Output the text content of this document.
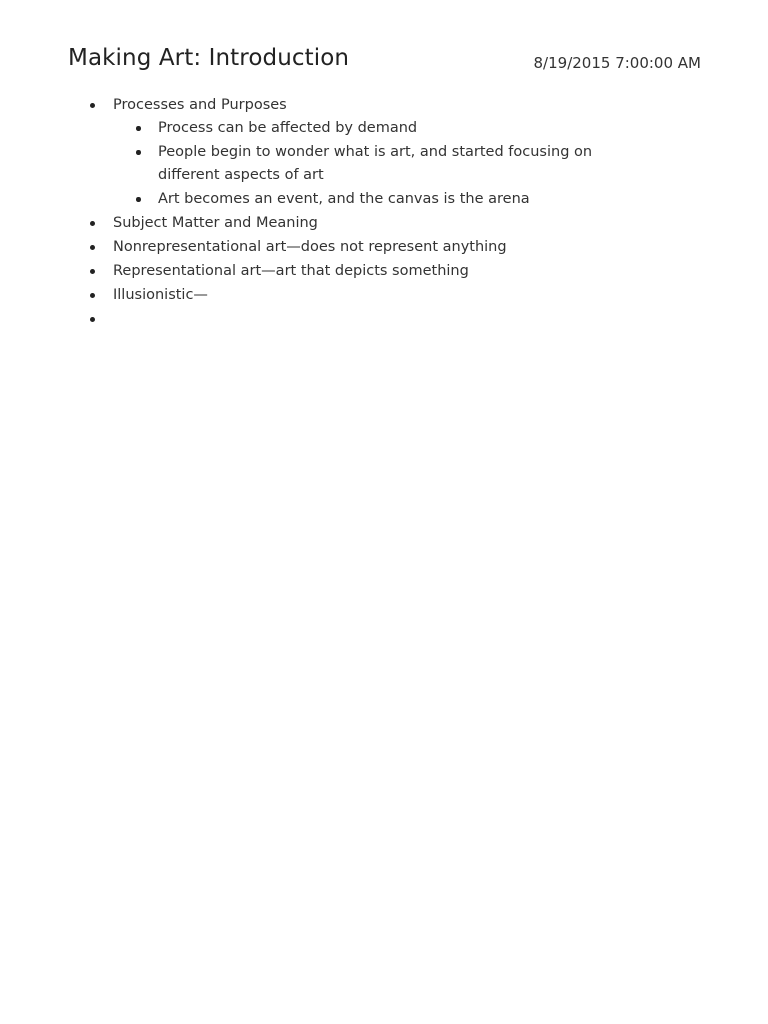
Making Art: Introduction	8/19/2015 7:00:00 AM
Processes and Purposes
Process can be affected by demand
People begin to wonder what is art, and started focusing on different aspects of art
Art becomes an event, and the canvas is the arena
Subject Matter and Meaning
Nonrepresentational art—does not represent anything
Representational art—art that depicts something
Illusionistic—
